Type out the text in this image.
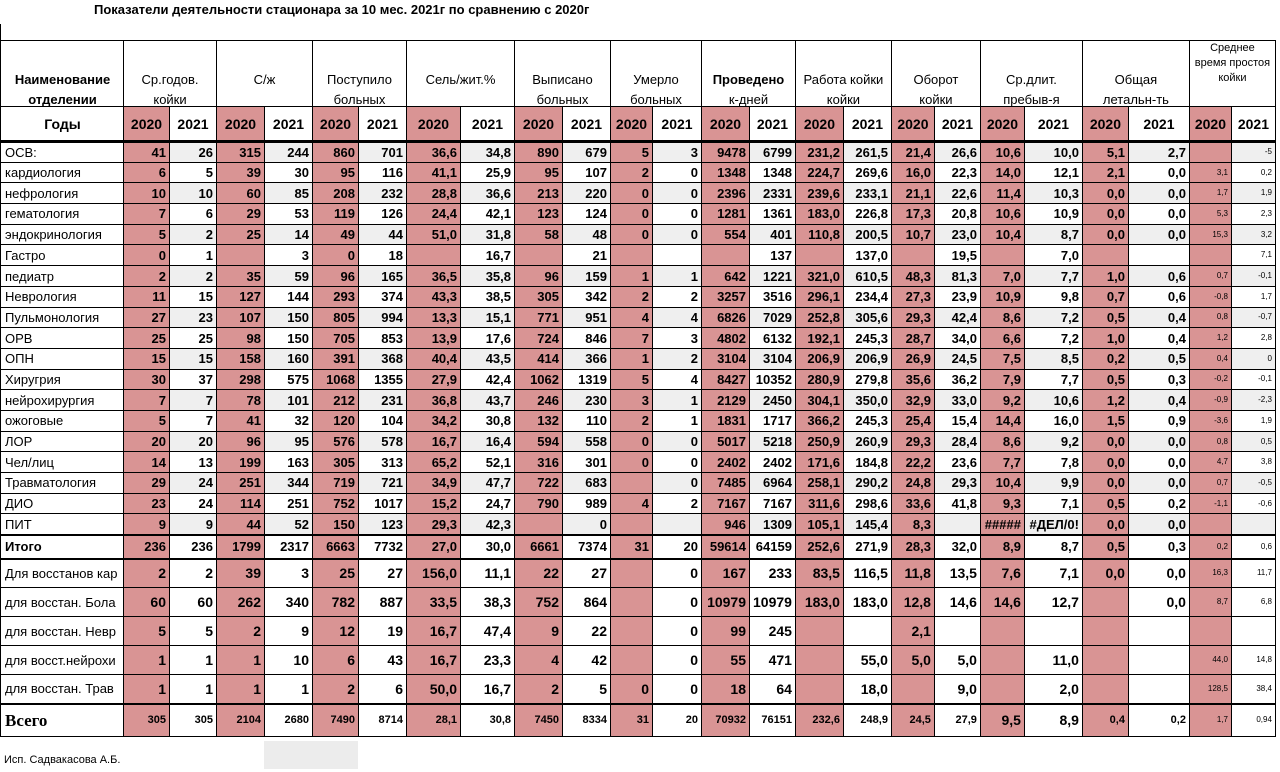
Показатели деятельности стационара за 10 мес. 2021г по сравнению с 2020г
Наименование	Ср.годов.		С/ж		Поступило		Сель/жит.%		Выписано		Умерло		Проведено		Работа койки		Оборот		Ср.длит.		Общая		Среднее время простоя койки	
отделении	койки				больных				больных		больных		к-дней		койки		койки		пребыв-я		летальн-ть			
Годы	2020	2021	2020	2021	2020	2021	2020	2021	2020	2021	2020	2021	2020	2021	2020	2021	2020	2021	2020	2021	2020	2021	2020	2021
ОСВ:	41	26	315	244	860	701	36,6	34,8	890	679	5	3	9478	6799	231,2	261,5	21,4	26,6	10,6	10,0	5,1	2,7		-5
кардиология	6	5	39	30	95	116	41,1	25,9	95	107	2	0	1348	1348	224,7	269,6	16,0	22,3	14,0	12,1	2,1	0,0	3,1	0,2
нефрология	10	10	60	85	208	232	28,8	36,6	213	220	0	0	2396	2331	239,6	233,1	21,1	22,6	11,4	10,3	0,0	0,0	1,7	1,9
гематология	7	6	29	53	119	126	24,4	42,1	123	124	0	0	1281	1361	183,0	226,8	17,3	20,8	10,6	10,9	0,0	0,0	5,3	2,3
эндокринология	5	2	25	14	49	44	51,0	31,8	58	48	0	0	554	401	110,8	200,5	10,7	23,0	10,4	8,7	0,0	0,0	15,3	3,2
Гастро	0	1		3	0	18		16,7		21				137		137,0		19,5		7,0				7,1
педиатр	2	2	35	59	96	165	36,5	35,8	96	159	1	1	642	1221	321,0	610,5	48,3	81,3	7,0	7,7	1,0	0,6	0,7	-0,1
Неврология	11	15	127	144	293	374	43,3	38,5	305	342	2	2	3257	3516	296,1	234,4	27,3	23,9	10,9	9,8	0,7	0,6	-0,8	1,7
Пульмонология	27	23	107	150	805	994	13,3	15,1	771	951	4	4	6826	7029	252,8	305,6	29,3	42,4	8,6	7,2	0,5	0,4	0,8	-0,7
ОРВ	25	25	98	150	705	853	13,9	17,6	724	846	7	3	4802	6132	192,1	245,3	28,7	34,0	6,6	7,2	1,0	0,4	1,2	2,8
ОПН	15	15	158	160	391	368	40,4	43,5	414	366	1	2	3104	3104	206,9	206,9	26,9	24,5	7,5	8,5	0,2	0,5	0,4	0
Хиругрия	30	37	298	575	1068	1355	27,9	42,4	1062	1319	5	4	8427	10352	280,9	279,8	35,6	36,2	7,9	7,7	0,5	0,3	-0,2	-0,1
нейрохирургия	7	7	78	101	212	231	36,8	43,7	246	230	3	1	2129	2450	304,1	350,0	32,9	33,0	9,2	10,6	1,2	0,4	-0,9	-2,3
ожоговые	5	7	41	32	120	104	34,2	30,8	132	110	2	1	1831	1717	366,2	245,3	25,4	15,4	14,4	16,0	1,5	0,9	-3,6	1,9
ЛОР	20	20	96	95	576	578	16,7	16,4	594	558	0	0	5017	5218	250,9	260,9	29,3	28,4	8,6	9,2	0,0	0,0	0,8	0,5
Чел/лиц	14	13	199	163	305	313	65,2	52,1	316	301	0	0	2402	2402	171,6	184,8	22,2	23,6	7,7	7,8	0,0	0,0	4,7	3,8
Травматология	29	24	251	344	719	721	34,9	47,7	722	683		0	7485	6964	258,1	290,2	24,8	29,3	10,4	9,9	0,0	0,0	0,7	-0,5
ДИО	23	24	114	251	752	1017	15,2	24,7	790	989	4	2	7167	7167	311,6	298,6	33,6	41,8	9,3	7,1	0,5	0,2	-1,1	-0,6
ПИТ	9	9	44	52	150	123	29,3	42,3		0			946	1309	105,1	145,4	8,3		#####	#ДЕЛ/0!	0,0	0,0		
Итого	236	236	1799	2317	6663	7732	27,0	30,0	6661	7374	31	20	59614	64159	252,6	271,9	28,3	32,0	8,9	8,7	0,5	0,3	0,2	0,6
Для восстанов кар	2	2	39	3	25	27	156,0	11,1	22	27		0	167	233	83,5	116,5	11,8	13,5	7,6	7,1	0,0	0,0	16,3	11,7
для восстан. Бола	60	60	262	340	782	887	33,5	38,3	752	864		0	10979	10979	183,0	183,0	12,8	14,6	14,6	12,7		0,0	8,7	6,8
для восстан. Невр	5	5	2	9	12	19	16,7	47,4	9	22		0	99	245			2,1							
для восст.нейрохи	1	1	1	10	6	43	16,7	23,3	4	42		0	55	471		55,0	5,0	5,0		11,0			44,0	14,8
для восстан. Трав	1	1	1	1	2	6	50,0	16,7	2	5	0	0	18	64		18,0		9,0		2,0			128,5	38,4
Всего	305	305	2104	2680	7490	8714	28,1	30,8	7450	8334	31	20	70932	76151	232,6	248,9	24,5	27,9	9,5	8,9	0,4	0,2	1,7	0,94
Исп. Садвакасова А.Б.
